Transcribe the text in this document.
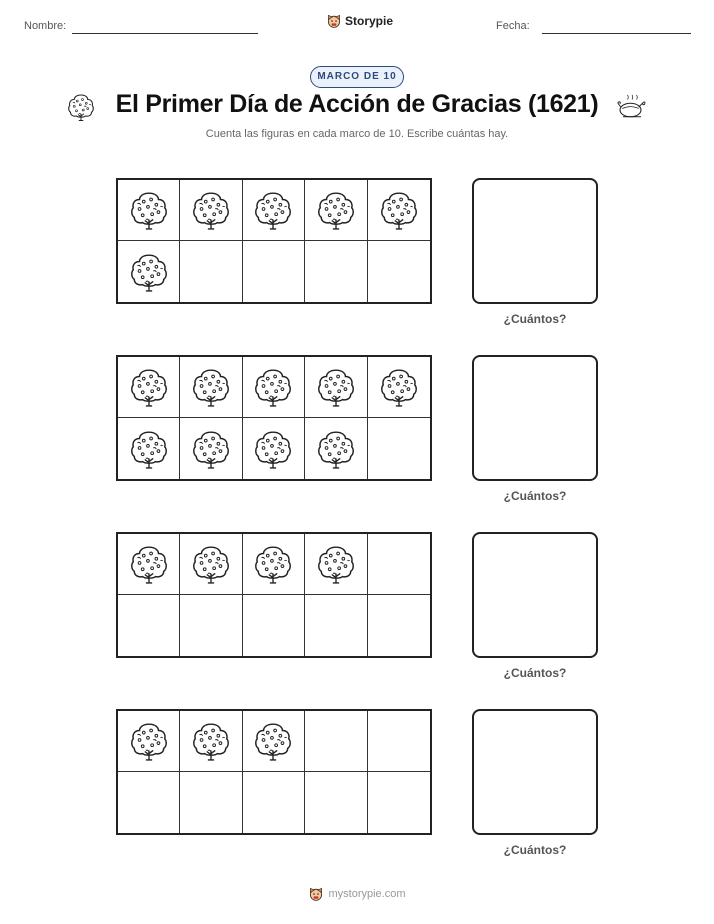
Nombre:	Storypie	Fecha:
MARCO DE 10
El Primer Día de Acción de Gracias (1621)
Cuenta las figuras en cada marco de 10. Escribe cuántas hay.
¿Cuántos?
¿Cuántos?
¿Cuántos?
¿Cuántos?
mystorypie.com
